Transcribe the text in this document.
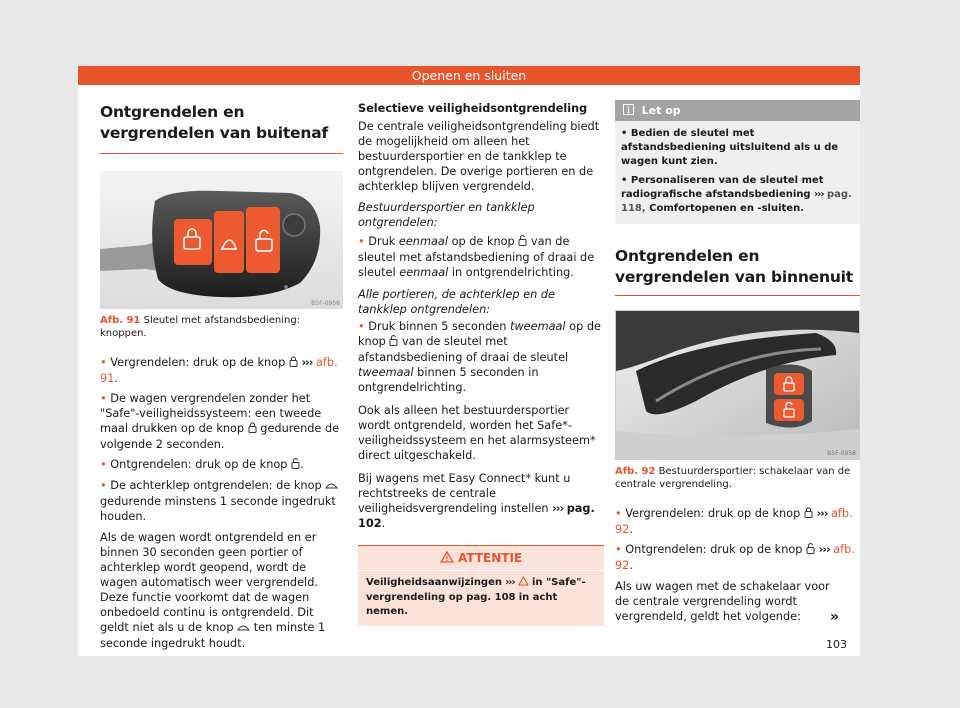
Openen en sluiten
Ontgrendelen en vergrendelen van buitenaf
B5F-0956
Afb. 91 Sleutel met afstandsbediening: knoppen.

• Vergrendelen: druk op de knop ››› afb. 91.

• De wagen vergrendelen zonder het "Safe"-veiligheidssysteem: een tweede maal drukken op de knop gedurende de volgende 2 seconden.

• Ontgrendelen: druk op de knop .

• De achterklep ontgrendelen: de knop  gedurende minstens 1 seconde ingedrukt houden.

Als de wagen wordt ontgrendeld en er binnen 30 seconden geen portier of achterklep wordt geopend, wordt de wagen automatisch weer vergrendeld. Deze functie voorkomt dat de wagen onbedoeld continu is ontgrendeld. Dit geldt niet als u de knop ten minste 1 seconde ingedrukt houdt.

Selectieve veiligheidsontgrendeling

De centrale veiligheidsontgrendeling biedt de mogelijkheid om alleen het bestuurdersportier en de tankklep te ontgrendelen. De overige portieren en de achterklep blijven vergrendeld.

Bestuurdersportier en tankklep ontgrendelen:

• Druk eenmaal op de knop van de sleutel met afstandsbediening of draai de sleutel eenmaal in ontgrendelrichting.

Alle portieren, de achterklep en de tankklep ontgrendelen:

• Druk binnen 5 seconden tweemaal op de knop van de sleutel met afstandsbediening of draai de sleutel tweemaal binnen 5 seconden in ontgrendelrichting.

Ook als alleen het bestuurdersportier wordt ontgrendeld, worden het Safe*-veiligheidssysteem en het alarmsysteem* direct uitgeschakeld.

Bij wagens met Easy Connect* kunt u rechtstreeks de centrale veiligheidsvergrendeling instellen ››› pag. 102.

ATTENTIE

Veiligheidsaanwijzingen ››› in "Safe"-vergrendeling op pag. 108 in acht nemen.

Let op

• Bedien de sleutel met afstandsbediening uitsluitend als u de wagen kunt zien.

• Personaliseren van de sleutel met radiografische afstandsbediening ››› pag. 118, Comfortopenen en -sluiten.

Ontgrendelen en vergrendelen van binnenuit
B5F-0958
Afb. 92 Bestuurdersportier: schakelaar van de centrale vergrendeling.

• Vergrendelen: druk op de knop ››› afb. 92.

• Ontgrendelen: druk op de knop ››› afb. 92.

Als uw wagen met de schakelaar voor de centrale vergrendeling wordt vergrendeld, geldt het volgende:	»
103
